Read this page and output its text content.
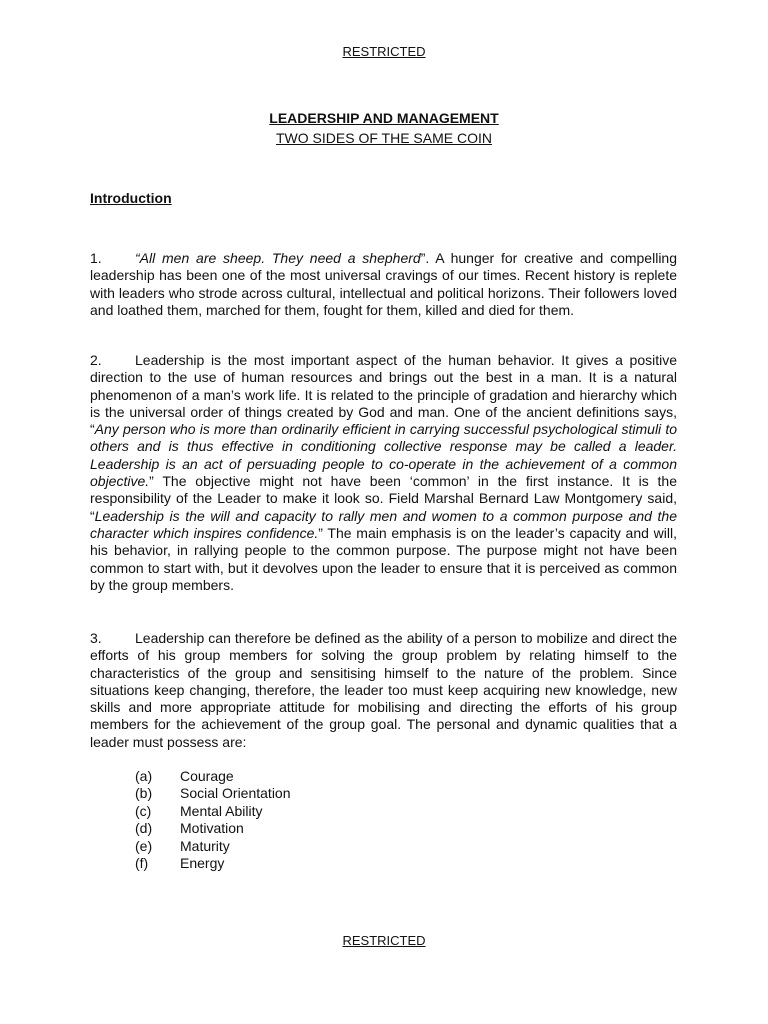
RESTRICTED
LEADERSHIP AND MANAGEMENT
TWO SIDES OF THE SAME COIN
Introduction

1. “All men are sheep. They need a shepherd”. A hunger for creative and compelling leadership has been one of the most universal cravings of our times. Recent history is replete with leaders who strode across cultural, intellectual and political horizons. Their followers loved and loathed them, marched for them, fought for them, killed and died for them.

2. Leadership is the most important aspect of the human behavior. It gives a positive direction to the use of human resources and brings out the best in a man. It is a natural phenomenon of a man’s work life. It is related to the principle of gradation and hierarchy which is the universal order of things created by God and man. One of the ancient definitions says, “Any person who is more than ordinarily efficient in carrying successful psychological stimuli to others and is thus effective in conditioning collective response may be called a leader. Leadership is an act of persuading people to co-operate in the achievement of a common objective.” The objective might not have been ‘common’ in the first instance. It is the responsibility of the Leader to make it look so. Field Marshal Bernard Law Montgomery said, “Leadership is the will and capacity to rally men and women to a common purpose and the character which inspires confidence.” The main emphasis is on the leader’s capacity and will, his behavior, in rallying people to the common purpose. The purpose might not have been common to start with, but it devolves upon the leader to ensure that it is perceived as common by the group members.

3. Leadership can therefore be defined as the ability of a person to mobilize and direct the efforts of his group members for solving the group problem by relating himself to the characteristics of the group and sensitising himself to the nature of the problem. Since situations keep changing, therefore, the leader too must keep acquiring new knowledge, new skills and more appropriate attitude for mobilising and directing the efforts of his group members for the achievement of the group goal. The personal and dynamic qualities that a leader must possess are:

(a)	Courage
(b)	Social Orientation
(c)	Mental Ability
(d)	Motivation
(e)	Maturity
(f)	Energy
RESTRICTED
